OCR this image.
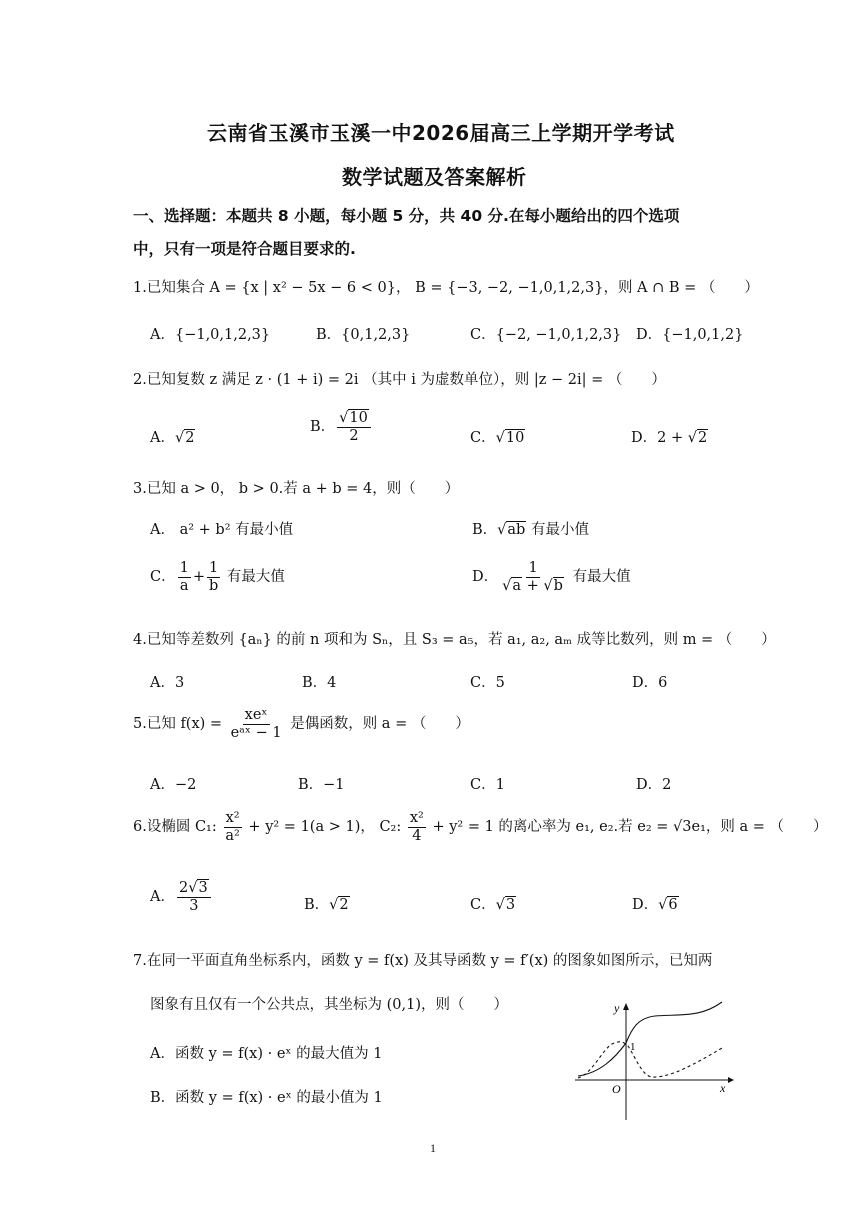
云南省玉溪市玉溪一中2026届高三上学期开学考试
数学试题及答案解析
一、选择题：本题共 8 小题，每小题 5 分，共 40 分.在每小题给出的四个选项
中，只有一项是符合题目要求的.
1.已知集合 A = {x | x² − 5x − 6 < 0}， B = {−3, −2, −1,0,1,2,3}，则 A ∩ B = （　　）
A．{−1,0,1,2,3}	B．{0,1,2,3}	C．{−2, −1,0,1,2,3} D．{−1,0,1,2}
2.已知复数 z 满足 z · (1 + i) = 2i （其中 i 为虚数单位），则 |z − 2i| = （　　）
A．√2
B． $\frac{√10}{2}$	C．√10	D．2 + √2
3.已知 a > 0， b > 0.若 a + b = 4，则（　　）
A． a² + b² 有最小值	B．√ab 有最小值
C． $\frac{1}{a} + \frac{1}{b}$ 有最大值	D． $\frac{1}{√a + √b}$ 有最大值
4.已知等差数列 {aₙ} 的前 n 项和为 Sₙ，且 S₃ = a₅，若 a₁, a₂, aₘ 成等比数列，则 m = （　　）
A．3	B．4	C．5	D．6
5.已知 $f(x) = \frac{\text{xeˣ}}{\text{eᵃˣ − 1}}$ 是偶函数，则 a = （　　）
A．−2	B．−1	C．1	D．2
6.设椭圆 C₁: $\frac{\text{x²}}{\text{a²}} + y^2 = 1(a > 1)$， C₂: $\frac{\text{x²}}{4} + y^2 = 1$ 的离心率为 e₁, e₂.若 e₂ = √3e₁，则 a = （　　）
A． $\frac{2√3}{3}$	B．√2	C．√3	D．√6
7.在同一平面直角坐标系内，函数 y = f(x) 及其导函数 y = f′(x) 的图象如图所示，已知两
图象有且仅有一个公共点，其坐标为 (0,1)，则（　　）
A．函数 y = f(x) · eˣ 的最大值为 1
B．函数 y = f(x) · eˣ 的最小值为 1
y
x
O
1
1
